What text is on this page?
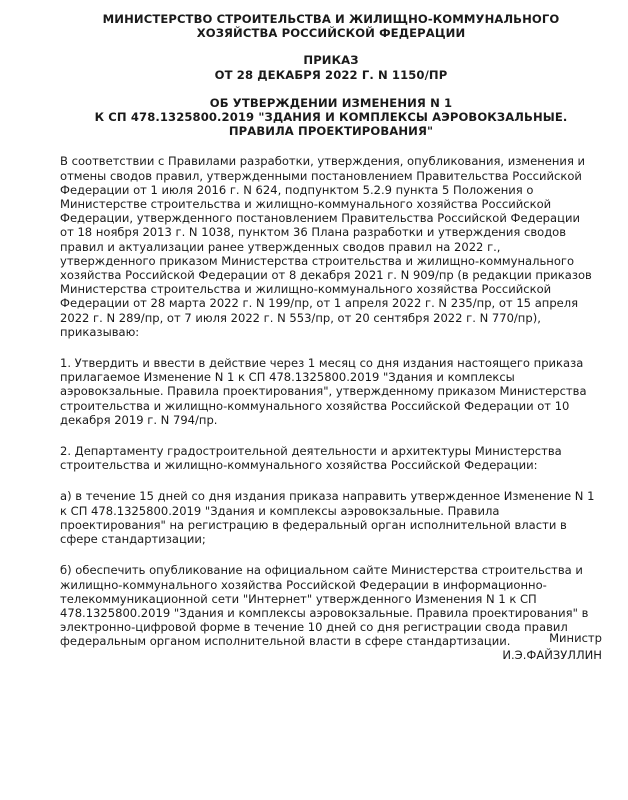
МИНИСТЕРСТВО СТРОИТЕЛЬСТВА И ЖИЛИЩНО-КОММУНАЛЬНОГО
ХОЗЯЙСТВА РОССИЙСКОЙ ФЕДЕРАЦИИ
ПРИКАЗ
ОТ 28 ДЕКАБРЯ 2022 Г. N 1150/ПР
ОБ УТВЕРЖДЕНИИ ИЗМЕНЕНИЯ N 1
К СП 478.1325800.2019 "ЗДАНИЯ И КОМПЛЕКСЫ АЭРОВОКЗАЛЬНЫЕ.
ПРАВИЛА ПРОЕКТИРОВАНИЯ"

В соответствии с Правилами разработки, утверждения, опубликования, изменения и

отмены сводов правил, утвержденными постановлением Правительства Российской

Федерации от 1 июля 2016 г. N 624, подпунктом 5.2.9 пункта 5 Положения о

Министерстве строительства и жилищно-коммунального хозяйства Российской

Федерации, утвержденного постановлением Правительства Российской Федерации

от 18 ноября 2013 г. N 1038, пунктом 36 Плана разработки и утверждения сводов

правил и актуализации ранее утвержденных сводов правил на 2022 г.,

утвержденного приказом Министерства строительства и жилищно-коммунального

хозяйства Российской Федерации от 8 декабря 2021 г. N 909/пр (в редакции приказов

Министерства строительства и жилищно-коммунального хозяйства Российской

Федерации от 28 марта 2022 г. N 199/пр, от 1 апреля 2022 г. N 235/пр, от 15 апреля

2022 г. N 289/пр, от 7 июля 2022 г. N 553/пр, от 20 сентября 2022 г. N 770/пр),

приказываю:

1. Утвердить и ввести в действие через 1 месяц со дня издания настоящего приказа

прилагаемое Изменение N 1 к СП 478.1325800.2019 "Здания и комплексы

аэровокзальные. Правила проектирования", утвержденному приказом Министерства

строительства и жилищно-коммунального хозяйства Российской Федерации от 10

декабря 2019 г. N 794/пр.

2. Департаменту градостроительной деятельности и архитектуры Министерства

строительства и жилищно-коммунального хозяйства Российской Федерации:

а) в течение 15 дней со дня издания приказа направить утвержденное Изменение N 1

к СП 478.1325800.2019 "Здания и комплексы аэровокзальные. Правила

проектирования" на регистрацию в федеральный орган исполнительной власти в

сфере стандартизации;

б) обеспечить опубликование на официальном сайте Министерства строительства и

жилищно-коммунального хозяйства Российской Федерации в информационно-

телекоммуникационной сети "Интернет" утвержденного Изменения N 1 к СП

478.1325800.2019 "Здания и комплексы аэровокзальные. Правила проектирования" в

электронно-цифровой форме в течение 10 дней со дня регистрации свода правил

федеральным органом исполнительной власти в сфере стандартизации.	Министр
И.Э.ФАЙЗУЛЛИН
